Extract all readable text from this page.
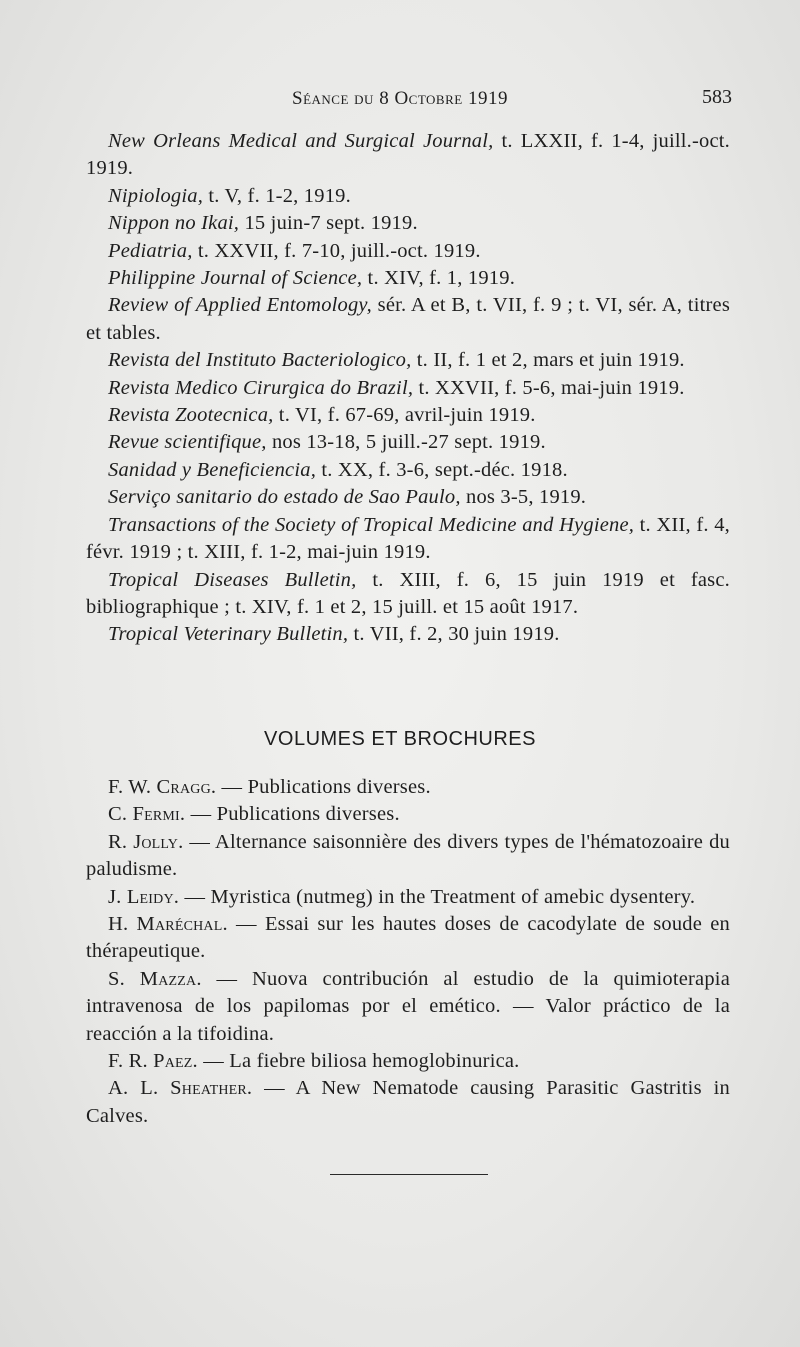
Séance du 8 Octobre 1919	583

New Orleans Medical and Surgical Journal, t. LXXII, f. 1-4, juill.-oct. 1919.

Nipiologia, t. V, f. 1-2, 1919.

Nippon no Ikai, 15 juin-7 sept. 1919.

Pediatria, t. XXVII, f. 7-10, juill.-oct. 1919.

Philippine Journal of Science, t. XIV, f. 1, 1919.

Review of Applied Entomology, sér. A et B, t. VII, f. 9 ; t. VI, sér. A, titres et tables.

Revista del Instituto Bacteriologico, t. II, f. 1 et 2, mars et juin 1919.

Revista Medico Cirurgica do Brazil, t. XXVII, f. 5-6, mai-juin 1919.

Revista Zootecnica, t. VI, f. 67-69, avril-juin 1919.

Revue scientifique, nos 13-18, 5 juill.-27 sept. 1919.

Sanidad y Beneficiencia, t. XX, f. 3-6, sept.-déc. 1918.

Serviço sanitario do estado de Sao Paulo, nos 3-5, 1919.

Transactions of the Society of Tropical Medicine and Hygiene, t. XII, f. 4, févr. 1919 ; t. XIII, f. 1-2, mai-juin 1919.

Tropical Diseases Bulletin, t. XIII, f. 6, 15 juin 1919 et fasc. bibliographique ; t. XIV, f. 1 et 2, 15 juill. et 15 août 1917.

Tropical Veterinary Bulletin, t. VII, f. 2, 30 juin 1919.

VOLUMES ET BROCHURES

F. W. Cragg. — Publications diverses.

C. Fermi. — Publications diverses.

R. Jolly. — Alternance saisonnière des divers types de l'hématozoaire du paludisme.

J. Leidy. — Myristica (nutmeg) in the Treatment of amebic dysentery.

H. Maréchal. — Essai sur les hautes doses de cacodylate de soude en thérapeutique.

S. Mazza. — Nuova contribución al estudio de la quimioterapia intravenosa de los papilomas por el emético. — Valor práctico de la reacción a la tifoidina.

F. R. Paez. — La fiebre biliosa hemoglobinurica.

A. L. Sheather. — A New Nematode causing Parasitic Gastritis in Calves.
